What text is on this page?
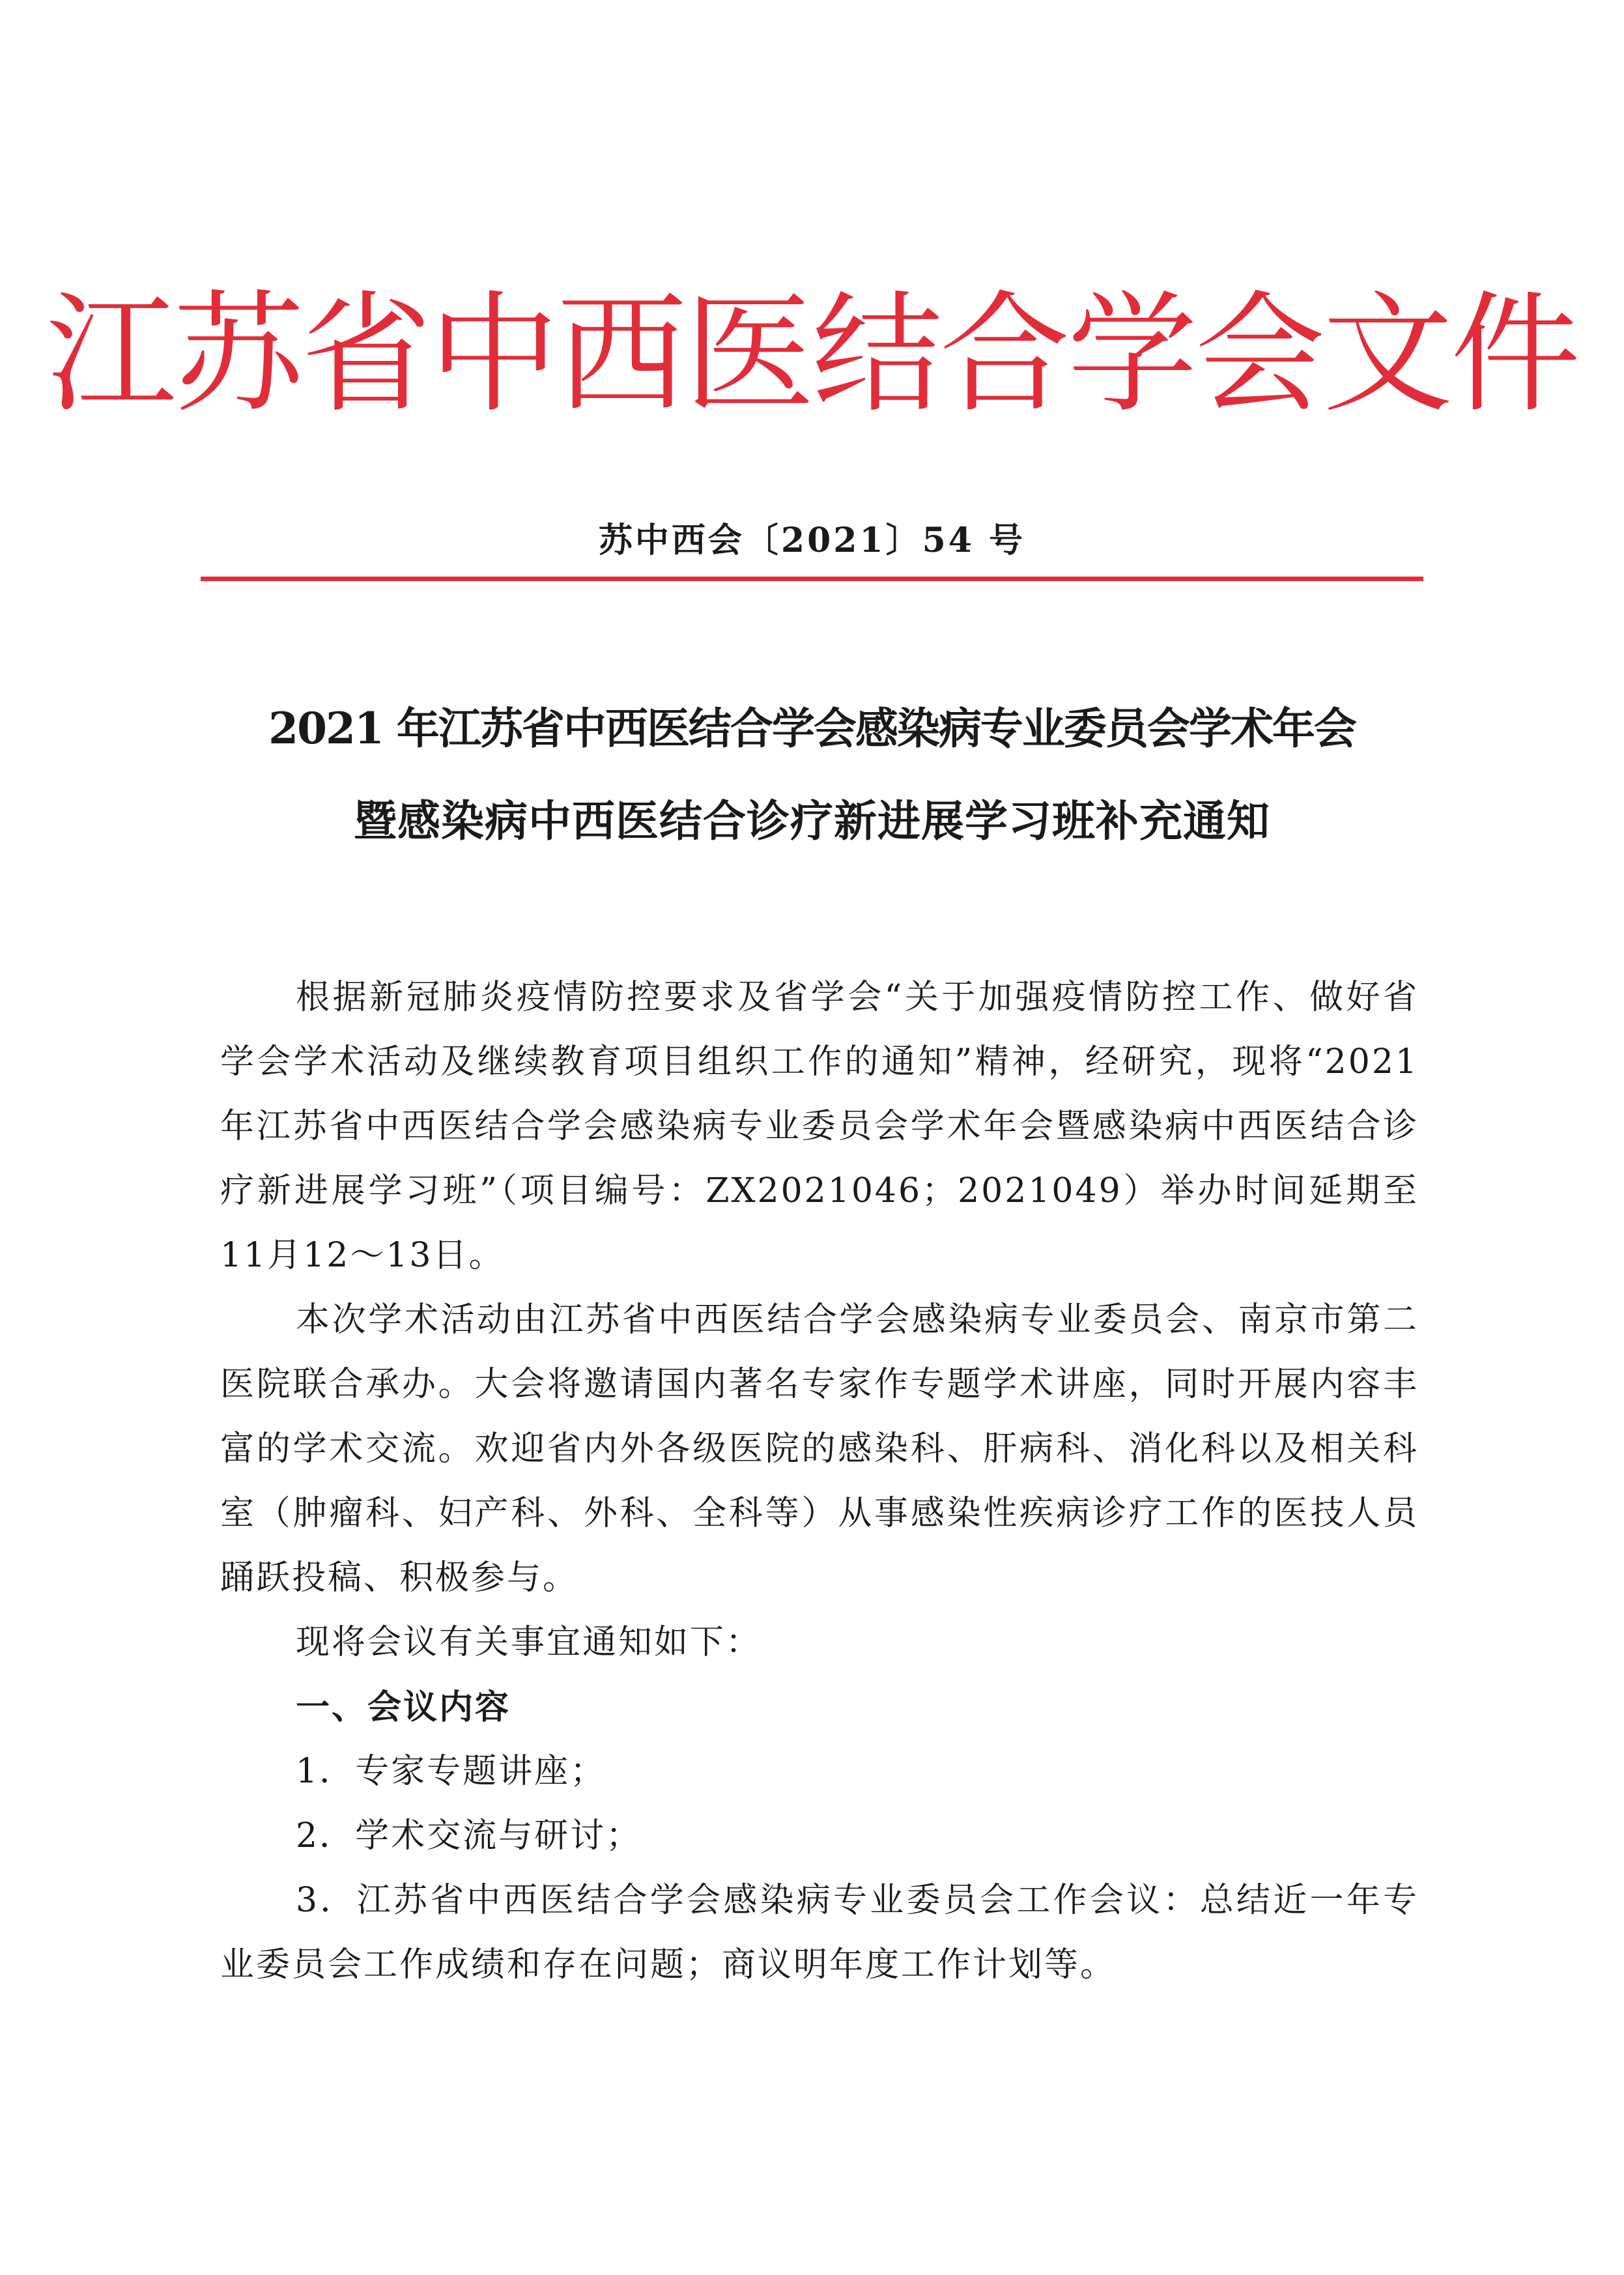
江苏省中西医结合学会文件
苏中西会〔2021〕54 号
2021 年江苏省中西医结合学会感染病专业委员会学术年会
暨感染病中西医结合诊疗新进展学习班补充通知

根据新冠肺炎疫情防控要求及省学会“关于加强疫情防控工作、做好省学会学术活动及继续教育项目组织工作的通知”精神，经研究，现将“2021年江苏省中西医结合学会感染病专业委员会学术年会暨感染病中西医结合诊疗新进展学习班”（项目编号：ZX2021046；2021049）举办时间延期至11月12～13日。

本次学术活动由江苏省中西医结合学会感染病专业委员会、南京市第二医院联合承办。大会将邀请国内著名专家作专题学术讲座，同时开展内容丰富的学术交流。欢迎省内外各级医院的感染科、肝病科、消化科以及相关科室（肿瘤科、妇产科、外科、全科等）从事感染性疾病诊疗工作的医技人员踊跃投稿、积极参与。

现将会议有关事宜通知如下：

一、会议内容

1．专家专题讲座；

2．学术交流与研讨；

3．江苏省中西医结合学会感染病专业委员会工作会议：总结近一年专业委员会工作成绩和存在问题；商议明年度工作计划等。
